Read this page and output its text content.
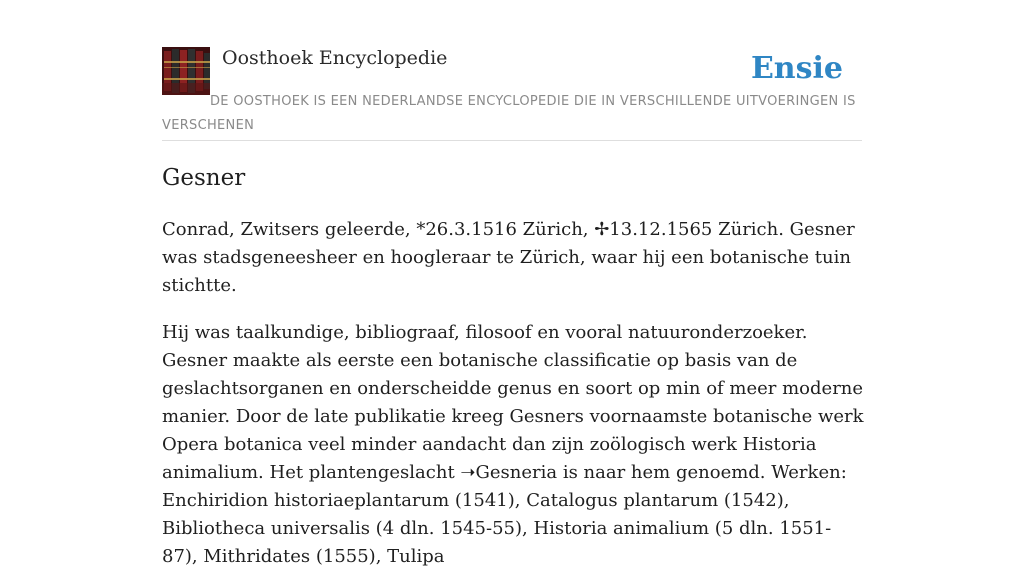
Oosthoek Encyclopedie	Ensie
DE OOSTHOEK IS EEN NEDERLANDSE ENCYCLOPEDIE DIE IN VERSCHILLENDE UITVOERINGEN IS VERSCHENEN
Gesner

Conrad, Zwitsers geleerde, *26.3.1516 Zürich, ✢13.12.1565 Zürich. Gesner was stadsgeneesheer en hoogleraar te Zürich, waar hij een botanische tuin stichtte.

Hij was taalkundige, bibliograaf, filosoof en vooral natuuronderzoeker. Gesner maakte als eerste een botanische classificatie op basis van de geslachtsorganen en onderscheidde genus en soort op min of meer moderne manier. Door de late publikatie kreeg Gesners voornaamste botanische werk Opera botanica veel minder aandacht dan zijn zoölogisch werk Historia animalium. Het plantengeslacht ➝Gesneria is naar hem genoemd. Werken: Enchiridion historiaeplantarum (1541), Catalogus plantarum (1542), Bibliotheca universalis (4 dln. 1545-55), Historia animalium (5 dln. 1551-87), Mithridates (1555), Tulipa
